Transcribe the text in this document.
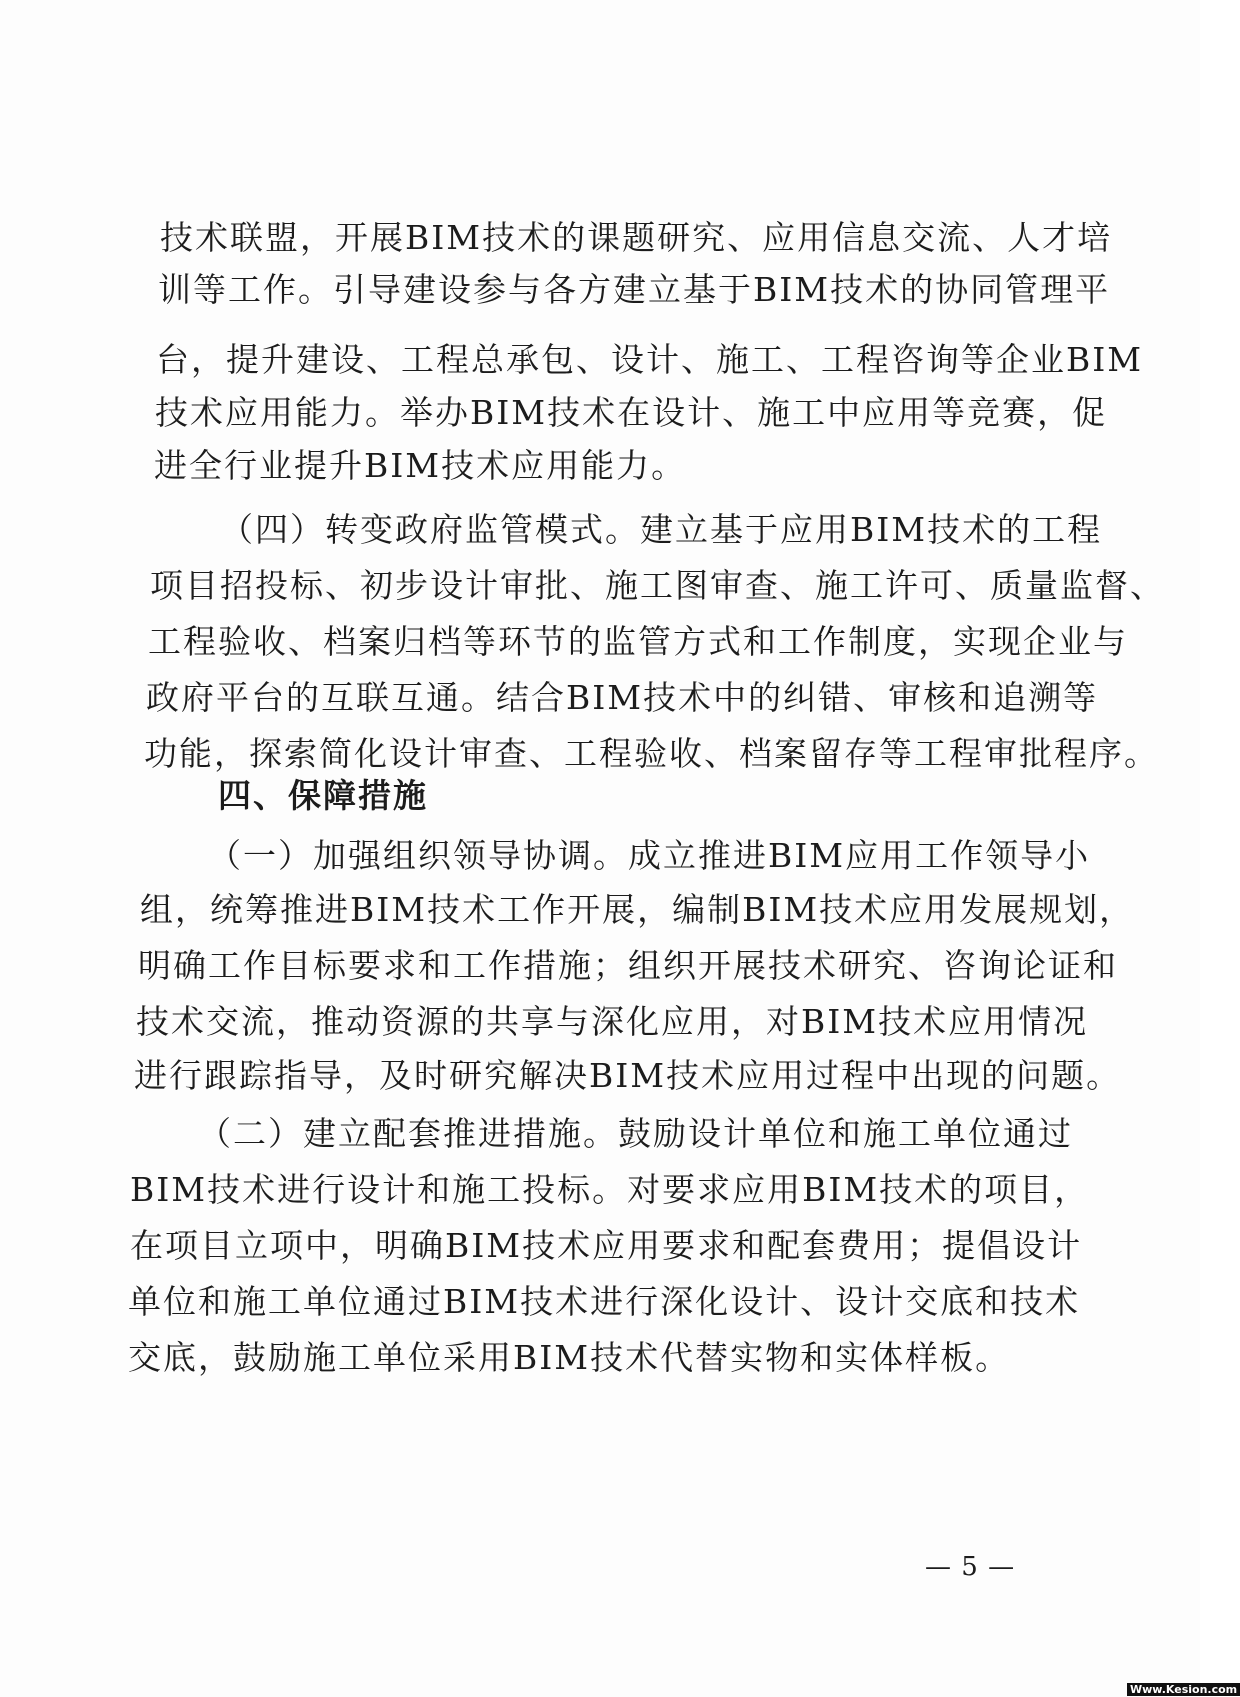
技术联盟，开展BIM技术的课题研究、应用信息交流、人才培
训等工作。引导建设参与各方建立基于BIM技术的协同管理平
台，提升建设、工程总承包、设计、施工、工程咨询等企业BIM
技术应用能力。举办BIM技术在设计、施工中应用等竞赛，促
进全行业提升BIM技术应用能力。
（四）转变政府监管模式。建立基于应用BIM技术的工程
项目招投标、初步设计审批、施工图审查、施工许可、质量监督、
工程验收、档案归档等环节的监管方式和工作制度，实现企业与
政府平台的互联互通。结合BIM技术中的纠错、审核和追溯等
功能，探索简化设计审查、工程验收、档案留存等工程审批程序。
四、保障措施
（一）加强组织领导协调。成立推进BIM应用工作领导小
组，统筹推进BIM技术工作开展，编制BIM技术应用发展规划，
明确工作目标要求和工作措施；组织开展技术研究、咨询论证和
技术交流，推动资源的共享与深化应用，对BIM技术应用情况
进行跟踪指导，及时研究解决BIM技术应用过程中出现的问题。
（二）建立配套推进措施。鼓励设计单位和施工单位通过
BIM技术进行设计和施工投标。对要求应用BIM技术的项目，
在项目立项中，明确BIM技术应用要求和配套费用；提倡设计
单位和施工单位通过BIM技术进行深化设计、设计交底和技术
交底，鼓励施工单位采用BIM技术代替实物和实体样板。
— 5 —
Www.Kesion.com
